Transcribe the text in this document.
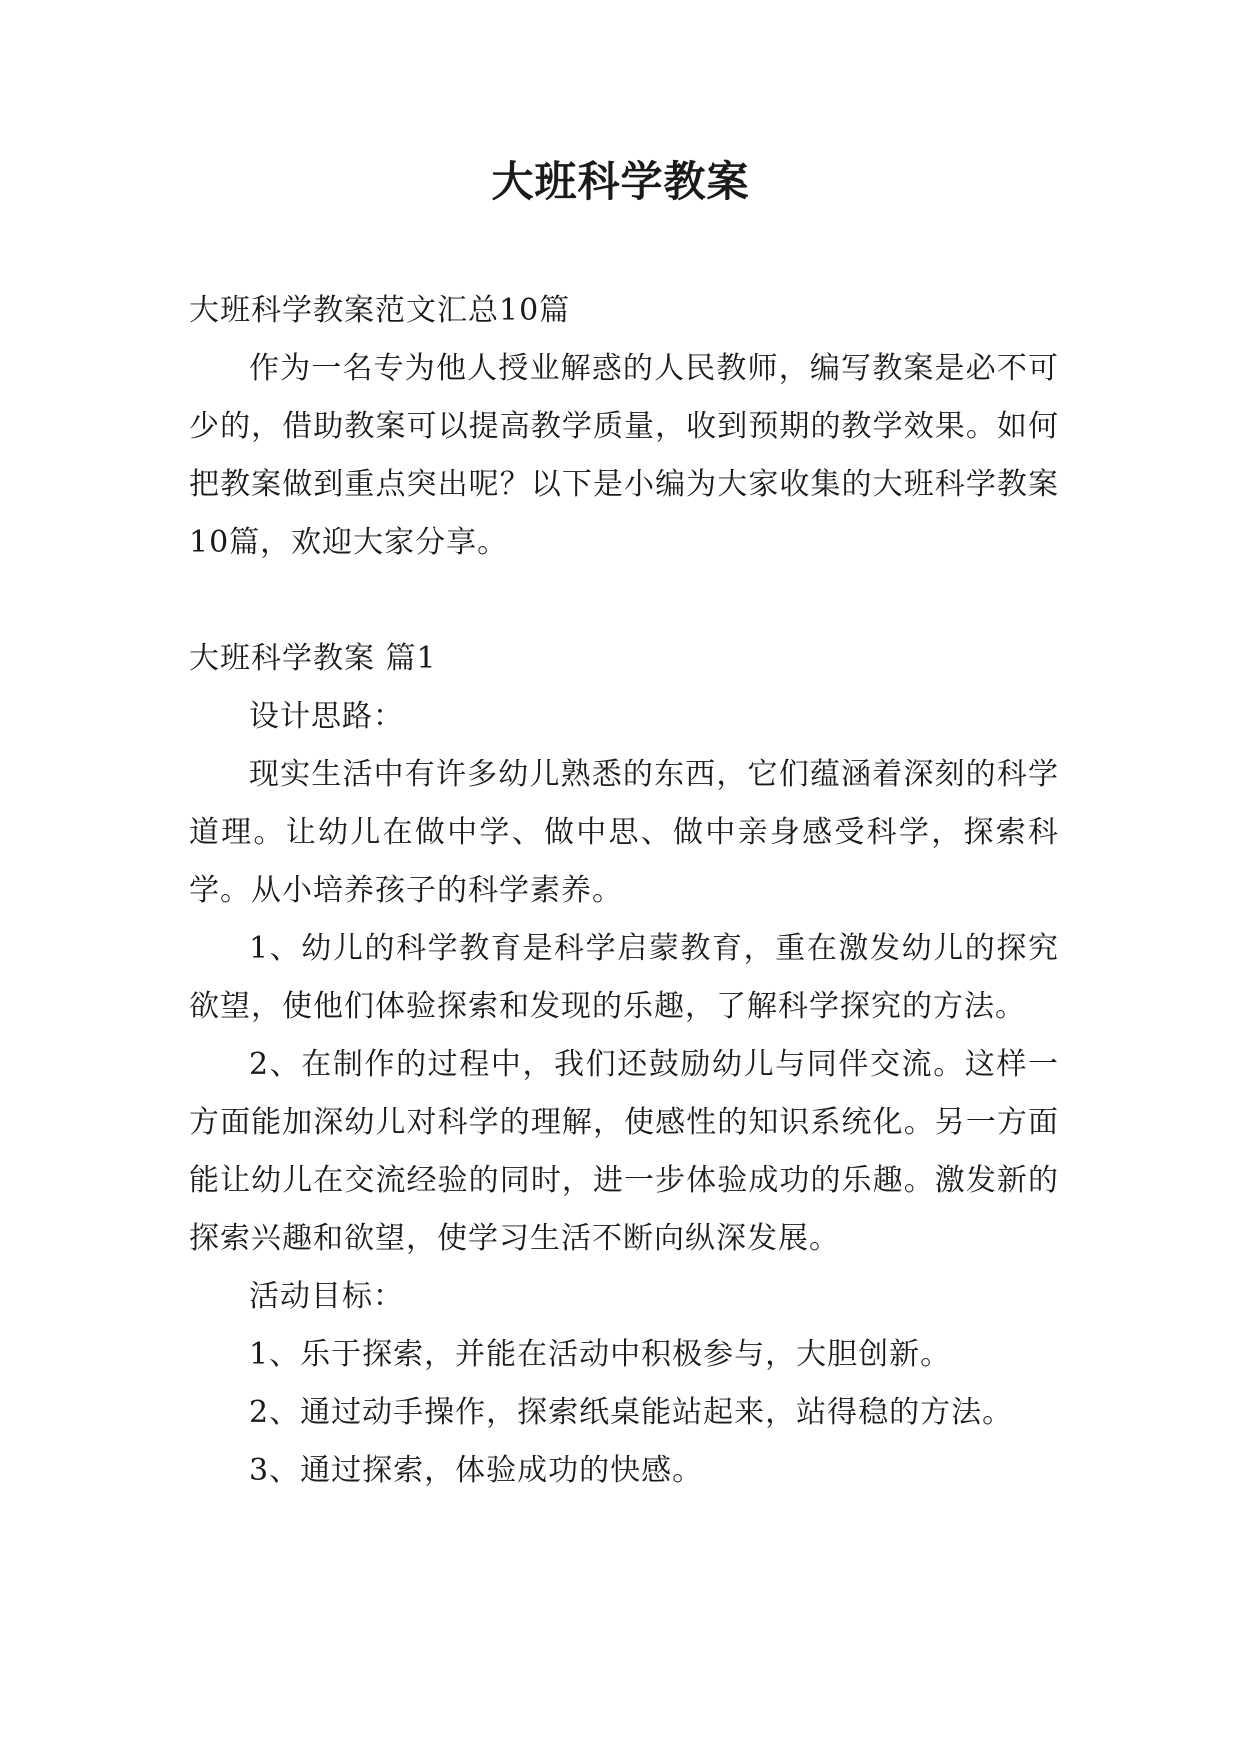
大班科学教案

大班科学教案范文汇总10篇

作为一名专为他人授业解惑的人民教师，编写教案是必不可少的，借助教案可以提高教学质量，收到预期的教学效果。如何把教案做到重点突出呢？以下是小编为大家收集的大班科学教案10篇，欢迎大家分享。

大班科学教案 篇1

设计思路：

现实生活中有许多幼儿熟悉的东西，它们蕴涵着深刻的科学道理。让幼儿在做中学、做中思、做中亲身感受科学，探索科学。从小培养孩子的科学素养。

1、幼儿的科学教育是科学启蒙教育，重在激发幼儿的探究欲望，使他们体验探索和发现的乐趣，了解科学探究的方法。

2、在制作的过程中，我们还鼓励幼儿与同伴交流。这样一方面能加深幼儿对科学的理解，使感性的知识系统化。另一方面能让幼儿在交流经验的同时，进一步体验成功的乐趣。激发新的探索兴趣和欲望，使学习生活不断向纵深发展。

活动目标：

1、乐于探索，并能在活动中积极参与，大胆创新。

2、通过动手操作，探索纸桌能站起来，站得稳的方法。

3、通过探索，体验成功的快感。
